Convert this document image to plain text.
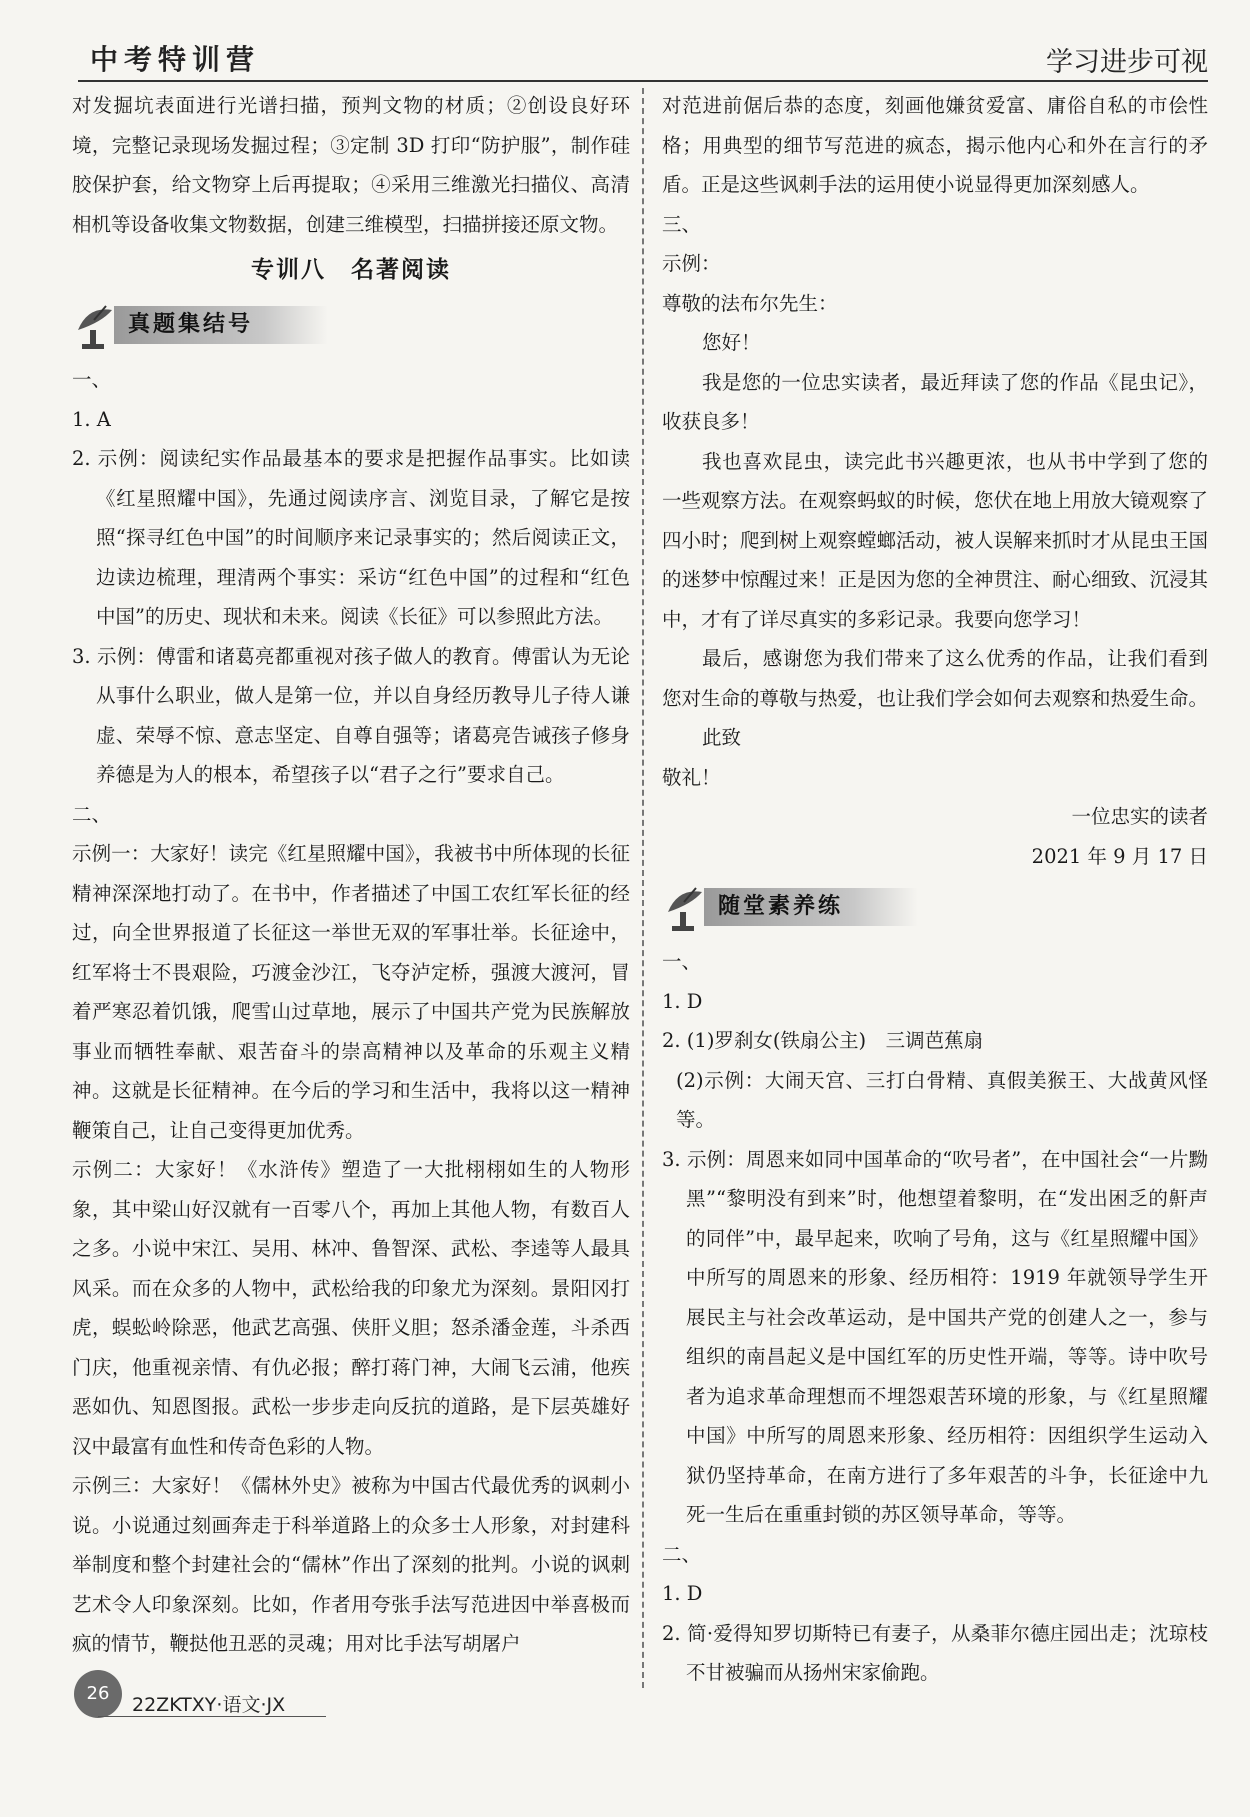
中考特训营	学习进步可视

对发掘坑表面进行光谱扫描，预判文物的材质；②创设良好环境，完整记录现场发掘过程；③定制 3D 打印“防护服”，制作硅胶保护套，给文物穿上后再提取；④采用三维激光扫描仪、高清相机等设备收集文物数据，创建三维模型，扫描拼接还原文物。

专训八　名著阅读
真题集结号

一、

1. A

2. 示例：阅读纪实作品最基本的要求是把握作品事实。比如读《红星照耀中国》，先通过阅读序言、浏览目录，了解它是按照“探寻红色中国”的时间顺序来记录事实的；然后阅读正文，边读边梳理，理清两个事实：采访“红色中国”的过程和“红色中国”的历史、现状和未来。阅读《长征》可以参照此方法。

3. 示例：傅雷和诸葛亮都重视对孩子做人的教育。傅雷认为无论从事什么职业，做人是第一位，并以自身经历教导儿子待人谦虚、荣辱不惊、意志坚定、自尊自强等；诸葛亮告诫孩子修身养德是为人的根本，希望孩子以“君子之行”要求自己。

二、

示例一：大家好！读完《红星照耀中国》，我被书中所体现的长征精神深深地打动了。在书中，作者描述了中国工农红军长征的经过，向全世界报道了长征这一举世无双的军事壮举。长征途中，红军将士不畏艰险，巧渡金沙江，飞夺泸定桥，强渡大渡河，冒着严寒忍着饥饿，爬雪山过草地，展示了中国共产党为民族解放事业而牺牲奉献、艰苦奋斗的崇高精神以及革命的乐观主义精神。这就是长征精神。在今后的学习和生活中，我将以这一精神鞭策自己，让自己变得更加优秀。

示例二：大家好！《水浒传》塑造了一大批栩栩如生的人物形象，其中梁山好汉就有一百零八个，再加上其他人物，有数百人之多。小说中宋江、吴用、林冲、鲁智深、武松、李逵等人最具风采。而在众多的人物中，武松给我的印象尤为深刻。景阳冈打虎，蜈蚣岭除恶，他武艺高强、侠肝义胆；怒杀潘金莲，斗杀西门庆，他重视亲情、有仇必报；醉打蒋门神，大闹飞云浦，他疾恶如仇、知恩图报。武松一步步走向反抗的道路，是下层英雄好汉中最富有血性和传奇色彩的人物。

示例三：大家好！《儒林外史》被称为中国古代最优秀的讽刺小说。小说通过刻画奔走于科举道路上的众多士人形象，对封建科举制度和整个封建社会的“儒林”作出了深刻的批判。小说的讽刺艺术令人印象深刻。比如，作者用夸张手法写范进因中举喜极而疯的情节，鞭挞他丑恶的灵魂；用对比手法写胡屠户

对范进前倨后恭的态度，刻画他嫌贫爱富、庸俗自私的市侩性格；用典型的细节写范进的疯态，揭示他内心和外在言行的矛盾。正是这些讽刺手法的运用使小说显得更加深刻感人。

三、

示例：

尊敬的法布尔先生：

您好！

我是您的一位忠实读者，最近拜读了您的作品《昆虫记》，收获良多！

我也喜欢昆虫，读完此书兴趣更浓，也从书中学到了您的一些观察方法。在观察蚂蚁的时候，您伏在地上用放大镜观察了四小时；爬到树上观察螳螂活动，被人误解来抓时才从昆虫王国的迷梦中惊醒过来！正是因为您的全神贯注、耐心细致、沉浸其中，才有了详尽真实的多彩记录。我要向您学习！

最后，感谢您为我们带来了这么优秀的作品，让我们看到您对生命的尊敬与热爱，也让我们学会如何去观察和热爱生命。

此致

敬礼！

一位忠实的读者

2021 年 9 月 17 日

随堂素养练

一、

1. D

2. (1)罗刹女(铁扇公主)　三调芭蕉扇

(2)示例：大闹天宫、三打白骨精、真假美猴王、大战黄风怪等。

3. 示例：周恩来如同中国革命的“吹号者”，在中国社会“一片黝黑”“黎明没有到来”时，他想望着黎明，在“发出困乏的鼾声的同伴”中，最早起来，吹响了号角，这与《红星照耀中国》中所写的周恩来的形象、经历相符：1919 年就领导学生开展民主与社会改革运动，是中国共产党的创建人之一，参与组织的南昌起义是中国红军的历史性开端，等等。诗中吹号者为追求革命理想而不埋怨艰苦环境的形象，与《红星照耀中国》中所写的周恩来形象、经历相符：因组织学生运动入狱仍坚持革命，在南方进行了多年艰苦的斗争，长征途中九死一生后在重重封锁的苏区领导革命，等等。

二、

1. D

2. 简·爱得知罗切斯特已有妻子，从桑菲尔德庄园出走；沈琼枝不甘被骗而从扬州宋家偷跑。

26
22ZKTXY·语文·JX
